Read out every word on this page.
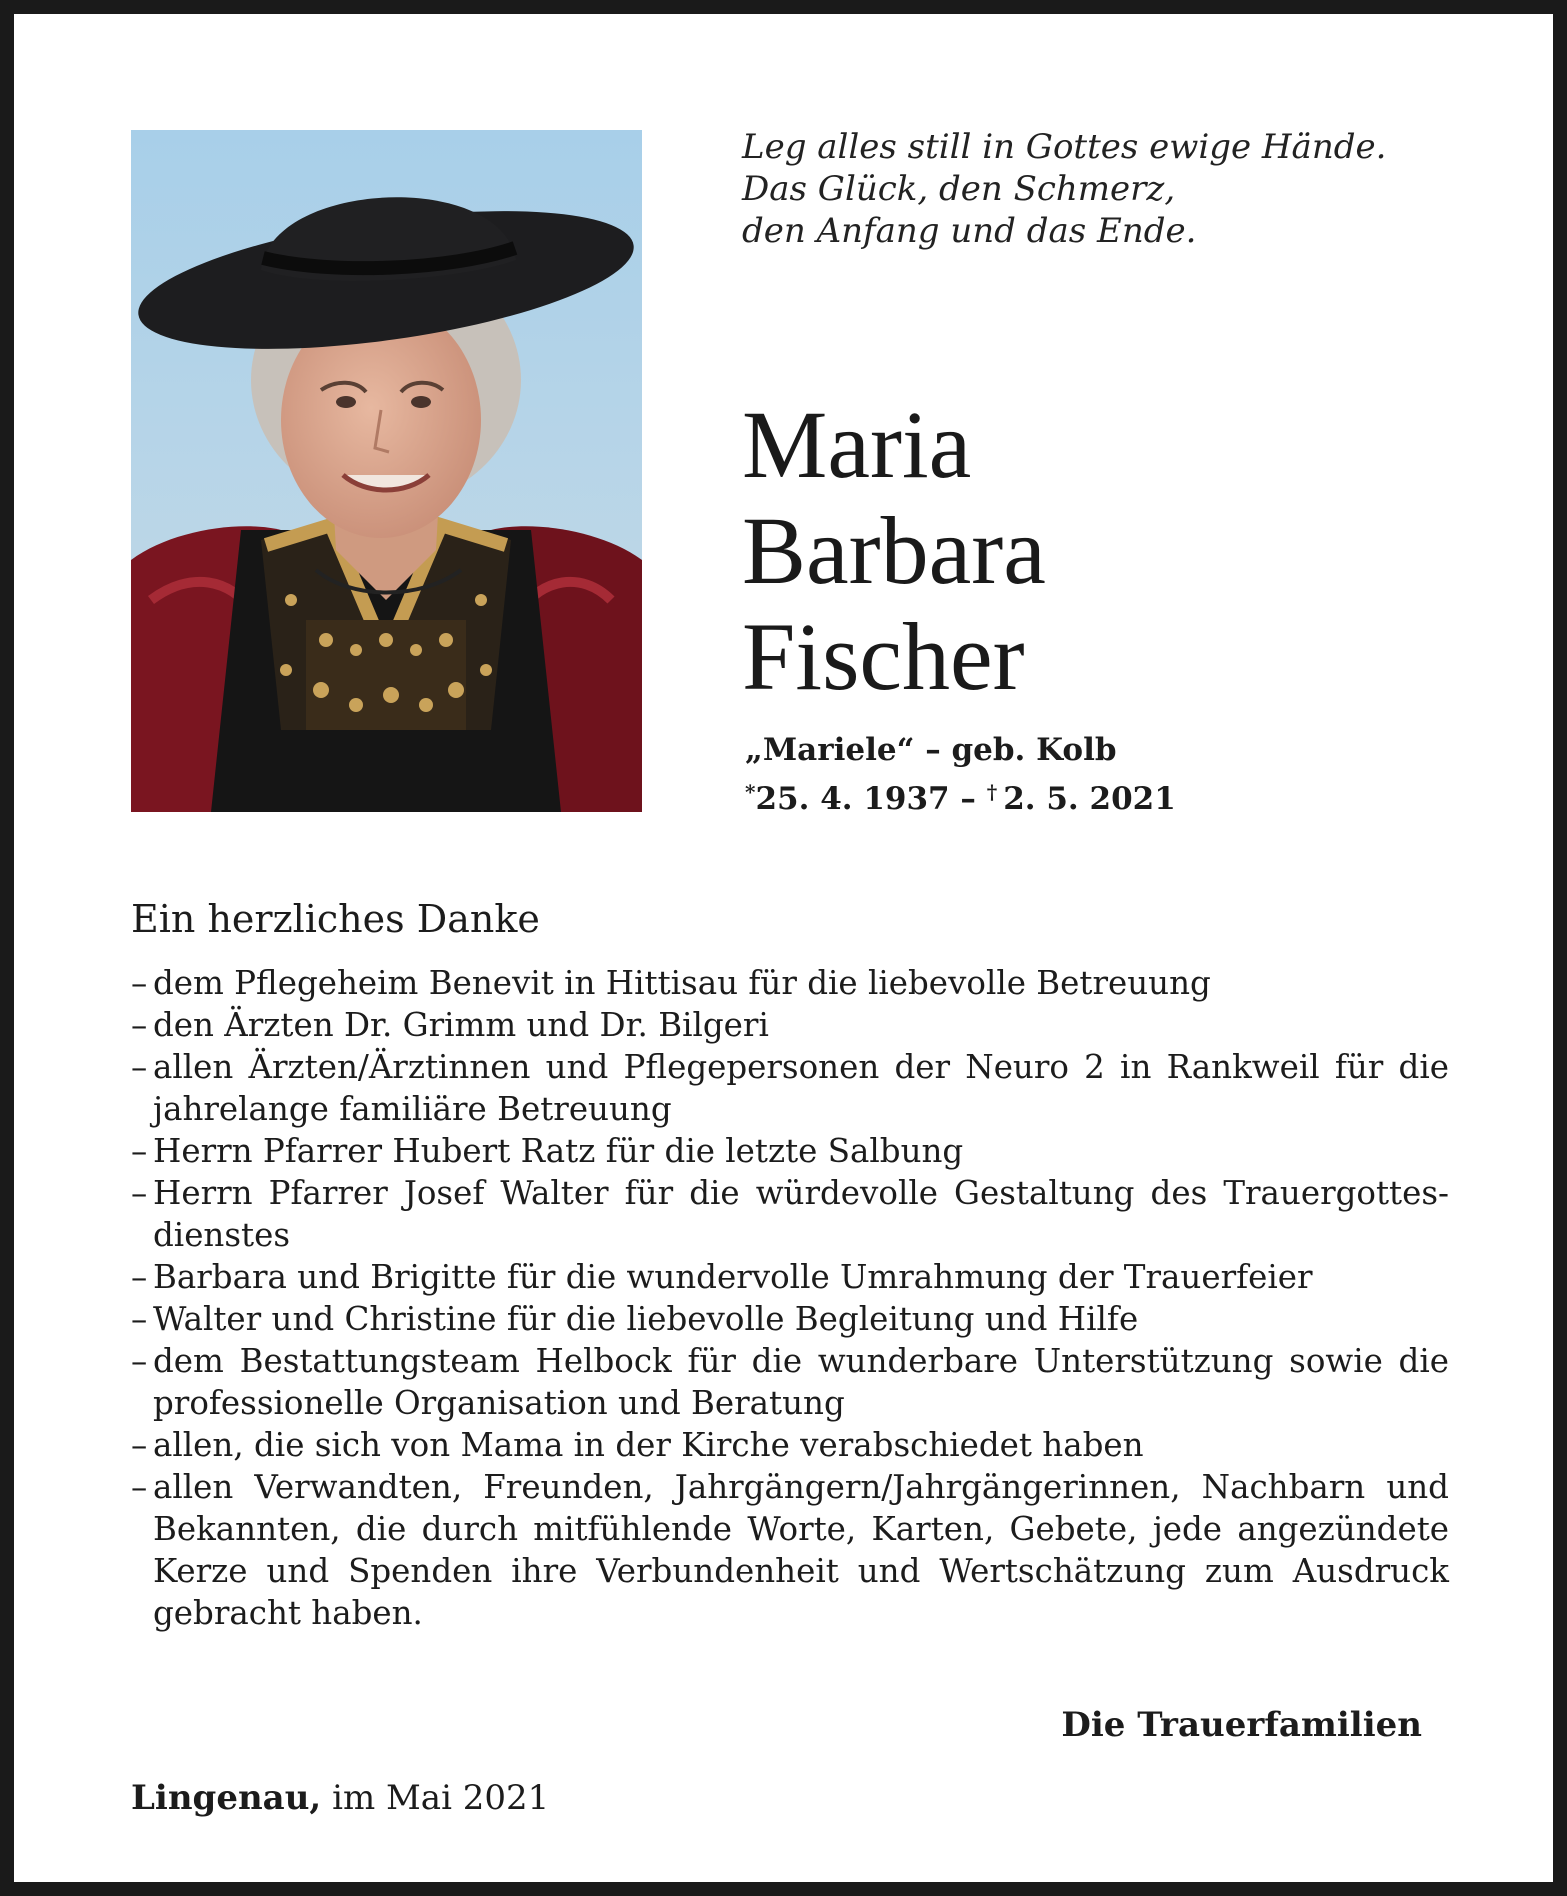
Leg alles still in Gottes ewige Hände.
Das Glück, den Schmerz,
den Anfang und das Ende.
Maria
Barbara
Fischer
„Mariele“ – geb. Kolb
*25. 4. 1937 – † 2. 5. 2021
Ein herzliches Danke
– dem Pflegeheim Benevit in Hittisau für die liebevolle Betreuung
– den Ärzten Dr. Grimm und Dr. Bilgeri
– allen Ärzten/Ärztinnen und Pflegepersonen der Neuro 2 in Rankweil für die jahrelange familiäre Betreuung
– Herrn Pfarrer Hubert Ratz für die letzte Salbung
– Herrn Pfarrer Josef Walter für die würdevolle Gestaltung des Trauergottesdienstes
– Barbara und Brigitte für die wundervolle Umrahmung der Trauerfeier
– Walter und Christine für die liebevolle Begleitung und Hilfe
– dem Bestattungsteam Helbock für die wunderbare Unterstützung sowie die professionelle Organisation und Beratung
– allen, die sich von Mama in der Kirche verabschiedet haben
– allen Verwandten, Freunden, Jahrgängern/Jahrgängerinnen, Nachbarn und Bekannten, die durch mitfühlende Worte, Karten, Gebete, jede angezündete Kerze und Spenden ihre Verbundenheit und Wertschätzung zum Ausdruck gebracht haben.
Die Trauerfamilien
Lingenau, im Mai 2021
